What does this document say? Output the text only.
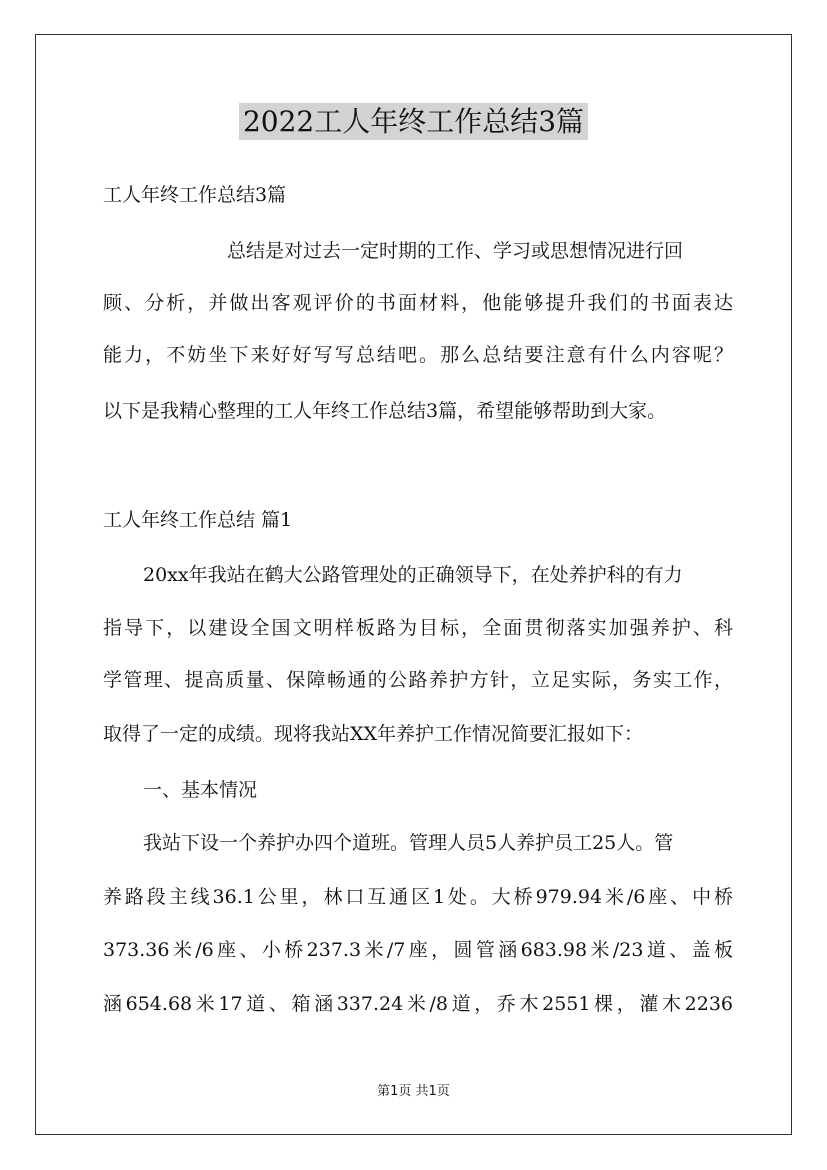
2022工人年终工作总结3篇

工人年终工作总结3篇

总结是对过去一定时期的工作、学习或思想情况进行回

顾、分析，并做出客观评价的书面材料，他能够提升我们的书面表达

能力，不妨坐下来好好写写总结吧。那么总结要注意有什么内容呢？

以下是我精心整理的工人年终工作总结3篇，希望能够帮助到大家。

工人年终工作总结 篇1

20xx年我站在鹤大公路管理处的正确领导下，在处养护科的有力

指导下，以建设全国文明样板路为目标，全面贯彻落实加强养护、科

学管理、提高质量、保障畅通的公路养护方针，立足实际，务实工作，

取得了一定的成绩。现将我站XX年养护工作情况简要汇报如下：

一、基本情况

我站下设一个养护办四个道班。管理人员5人养护员工25人。管

养路段主线36.1公里，林口互通区1处。大桥979.94米/6座、中桥

373.36米/6座、小桥237.3米/7座，圆管涵683.98米/23道、盖板

涵654.68米17道、箱涵337.24米/8道，乔木2551棵，灌木2236

第1页 共1页
